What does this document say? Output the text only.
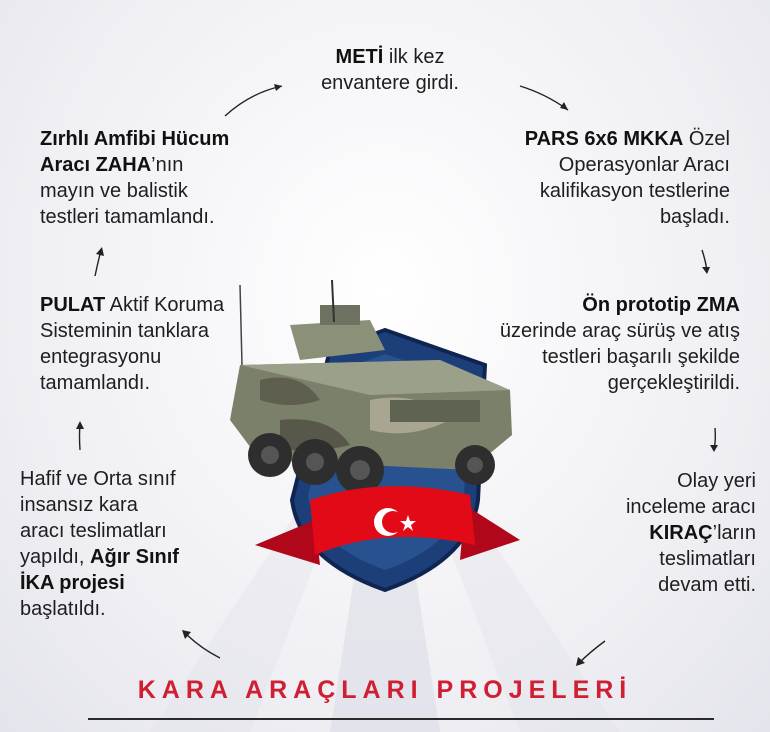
METİ ilk kez
envantere girdi.
PARS 6x6 MKKA Özel
Operasyonlar Aracı
kalifikasyon testlerine
başladı.
Ön prototip ZMA
üzerinde araç sürüş ve atış
testleri başarılı şekilde
gerçekleştirildi.
Olay yeri
inceleme aracı
KIRAÇ’ların
teslimatları
devam etti.
Hafif ve Orta sınıf
insansız kara
aracı teslimatları
yapıldı, Ağır Sınıf
İKA projesi
başlatıldı.
PULAT Aktif Koruma
Sisteminin tanklara
entegrasyonu
tamamlandı.
Zırhlı Amfibi Hücum
Aracı ZAHA’nın
mayın ve balistik
testleri tamamlandı.
KARA ARAÇLARI PROJELERİ
